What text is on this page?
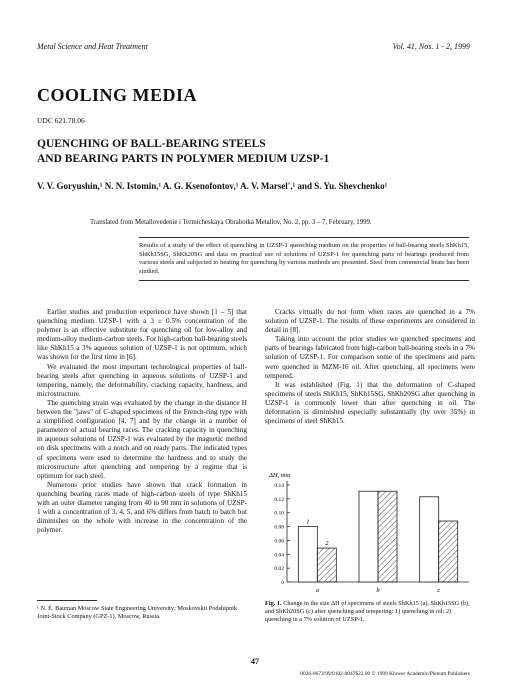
Metal Science and Heat Treatment	Vol. 41, Nos. 1 - 2, 1999
COOLING MEDIA
UDC 621.78.06
QUENCHING OF BALL-BEARING STEELS
AND BEARING PARTS IN POLYMER MEDIUM UZSP-1
V. V. Goryushin,¹ N. N. Istomin,¹ A. G. Ksenofontov,¹ A. V. Marsel',¹ and S. Yu. Shevchenko¹
Translated from Metallovedenie i Termicheskaya Obrabotka Metallov, No. 2, pp. 3 – 7, February, 1999.
Results of a study of the effect of quenching in UZSP-1 quenching medium on the properties of ball-bearing steels ShKh15, ShKh15SG, ShKh20SG and data on practical use of solutions of UZSP-1 for quenching parts of bearings produced from various steels and subjected to heating for quenching by various methods are presented. Steel from commercial heats has been studied.

Earlier studies and production experience have shown [1 – 5] that quenching medium UZSP-1 with a 3 ± 0.5% concentration of the polymer is an effective substitute for quenching oil for low-alloy and medium-alloy medium-carbon steels. For high-carbon ball-bearing steels like ShKh15 a 3% aqueous solution of UZSP-1 is not optimum, which was shown for the first time in [6].

We evaluated the most important technological properties of ball-bearing steels after quenching in aqueous solutions of UZSP-1 and tempering, namely, the deformability, cracking capacity, hardness, and microstructure.

The quenching strain was evaluated by the change in the distance H between the "jaws" of C-shaped specimens of the French-ring type with a simplified configuration [4, 7] and by the change in a number of parameters of actual bearing races. The cracking capacity in quenching in aqueous solutions of UZSP-1 was evaluated by the magnetic method on disk specimens with a notch and on ready parts. The indicated types of specimens were used to determine the hardness and to study the microstructure after quenching and tempering by a regime that is optimum for each steel.

Numerous prior studies have shown that crack formation in quenching bearing races made of high-carbon steels of type ShKh15 with an outer diameter ranging from 40 to 90 mm in solutions of UZSP-1 with a concentration of 3, 4, 5, and 6% differs from batch to batch but diminishes on the whole with increase in the concentration of the polymer.

Cracks virtually do not form when races are quenched in a 7% solution of UZSP-1. The results of these experiments are considered in detail in [8].

Taking into account the prior studies we quenched specimens and parts of bearings fabricated from high-carbon ball-bearing steels in a 7% solution of UZSP-1. For comparison some of the specimens and parts were quenched in MZM-16 oil. After quenching, all specimens were tempered.

It was established (Fig. 1) that the deformation of C-shaped specimens of steels ShKh15, ShKh15SG, ShKh20SG after quenching in UZSP-1 is commonly lower than after quenching in oil. The deformation is diminished especially substantially (by over 35%) in specimens of steel ShKh15.

ΔH, mm
0
0.02
0.04
0.06
0.08
0.10
0.12
0.14
1
2
a	b	c
¹ N. É. Bauman Moscow State Engineering University; Moskovskii Podshipnik Joint-Stock Company (GPZ-1), Moscow, Russia.
Fig. 1. Change in the size ΔH of specimens of steels ShKh15 (a), ShKh15SG (b), and ShKh20SG (c) after quenching and tempering: 1) quenching in oil; 2) quenching in a 7% solution of UZSP-1.
47
0026-0673/99/0102-0047$22.00 © 1999 Kluwer Academic/Plenum Publishers
